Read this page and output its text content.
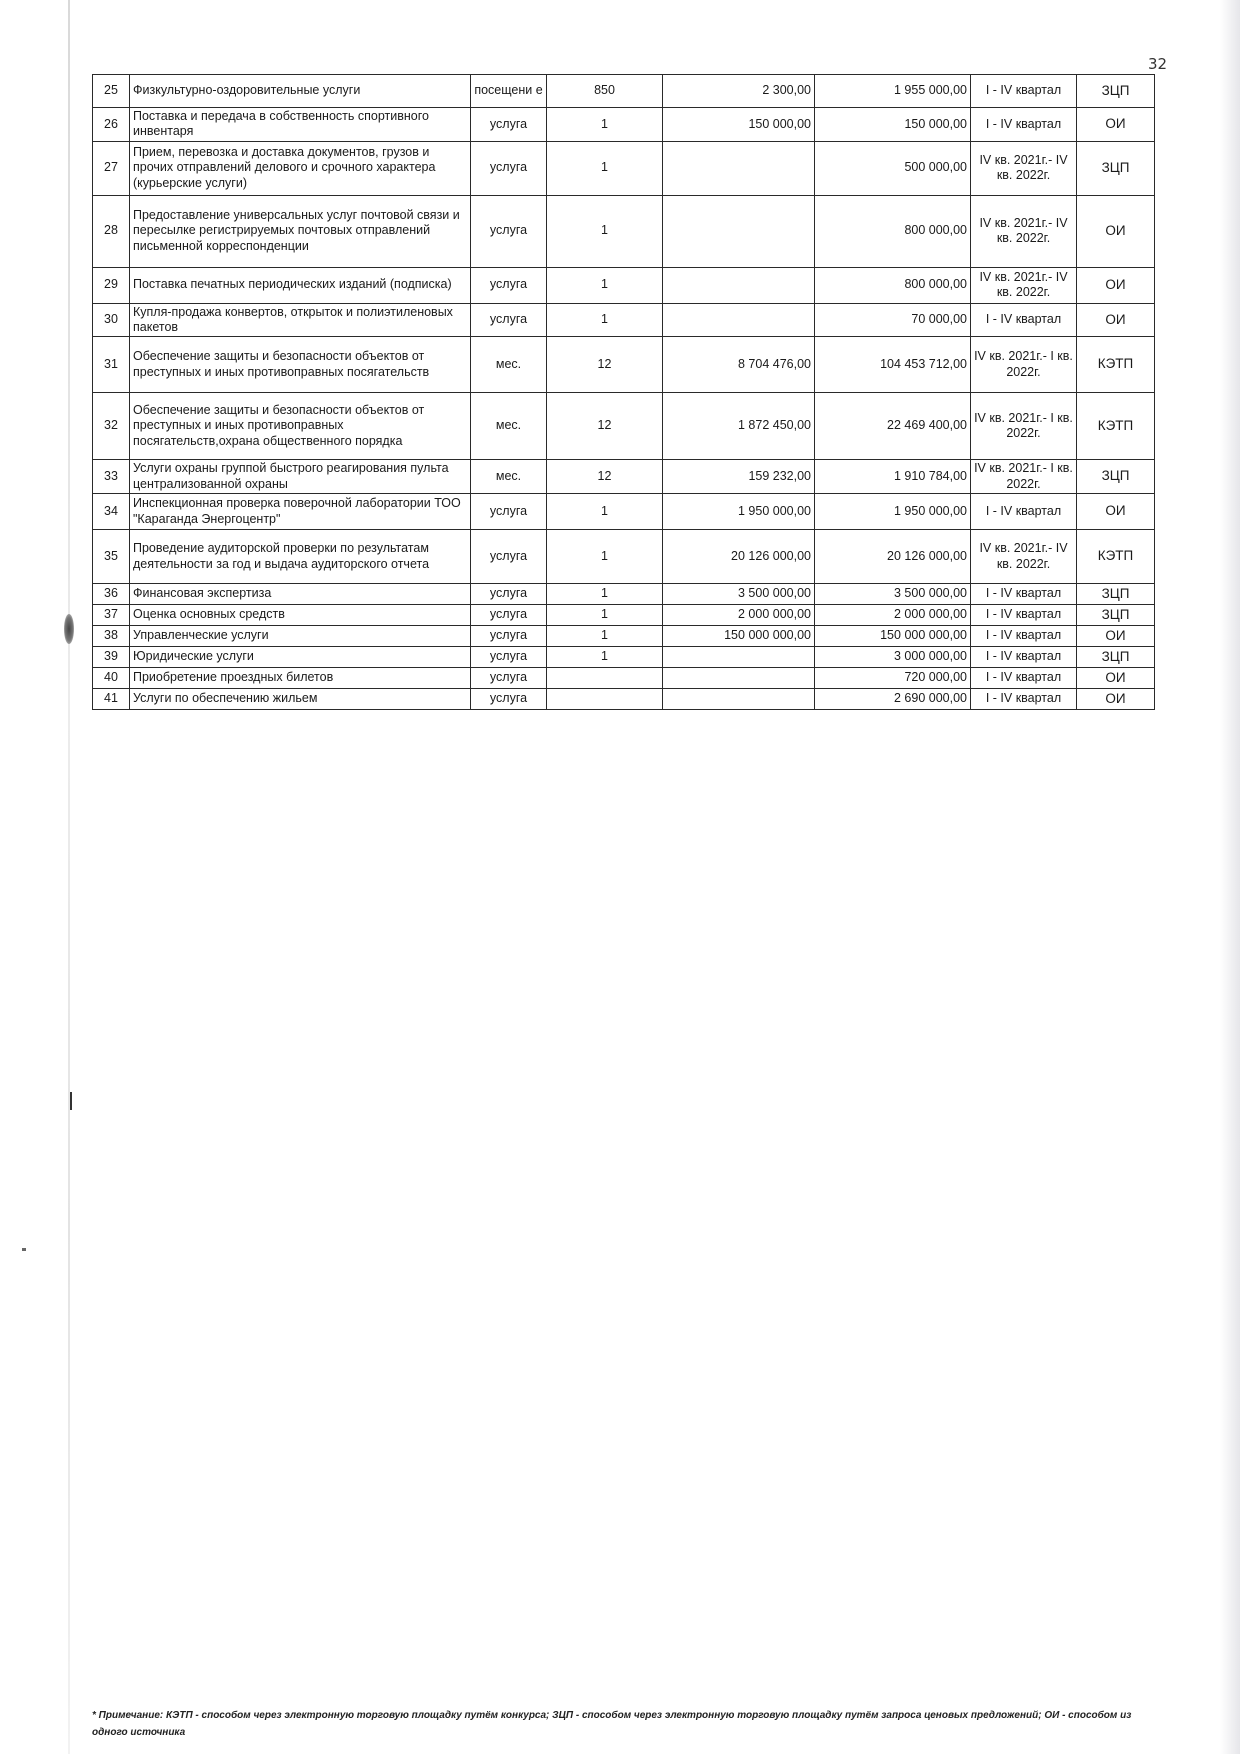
32
25	Физкультурно-оздоровительные услуги	посещени е	850	2 300,00	1 955 000,00	I - IV квартал	ЗЦП
26	Поставка и передача в собственность спортивного инвентаря	услуга	1	150 000,00	150 000,00	I - IV квартал	ОИ
27	Прием, перевозка и доставка документов, грузов и прочих отправлений делового и срочного характера (курьерские услуги)	услуга	1		500 000,00	IV кв. 2021г.- IV кв. 2022г.	ЗЦП
28	Предоставление универсальных услуг почтовой связи и пересылке регистрируемых почтовых отправлений письменной корреспонденции	услуга	1		800 000,00	IV кв. 2021г.- IV кв. 2022г.	ОИ
29	Поставка печатных периодических изданий (подписка)	услуга	1		800 000,00	IV кв. 2021г.- IV кв. 2022г.	ОИ
30	Купля-продажа конвертов, открыток и полиэтиленовых пакетов	услуга	1		70 000,00	I - IV квартал	ОИ
31	Обеспечение защиты и безопасности объектов от преступных и иных противоправных посягательств	мес.	12	8 704 476,00	104 453 712,00	IV кв. 2021г.- I кв. 2022г.	КЭТП
32	Обеспечение защиты и безопасности объектов от преступных и иных противоправных посягательств,охрана общественного порядка	мес.	12	1 872 450,00	22 469 400,00	IV кв. 2021г.- I кв. 2022г.	КЭТП
33	Услуги охраны группой быстрого реагирования пульта централизованной охраны	мес.	12	159 232,00	1 910 784,00	IV кв. 2021г.- I кв. 2022г.	ЗЦП
34	Инспекционная проверка поверочной лаборатории ТОО "Караганда Энергоцентр"	услуга	1	1 950 000,00	1 950 000,00	I - IV квартал	ОИ
35	Проведение аудиторской проверки по результатам деятельности за год и выдача аудиторского отчета	услуга	1	20 126 000,00	20 126 000,00	IV кв. 2021г.- IV кв. 2022г.	КЭТП
36	Финансовая экспертиза	услуга	1	3 500 000,00	3 500 000,00	I - IV квартал	ЗЦП
37	Оценка основных средств	услуга	1	2 000 000,00	2 000 000,00	I - IV квартал	ЗЦП
38	Управленческие услуги	услуга	1	150 000 000,00	150 000 000,00	I - IV квартал	ОИ
39	Юридические услуги	услуга	1		3 000 000,00	I - IV квартал	ЗЦП
40	Приобретение проездных билетов	услуга			720 000,00	I - IV квартал	ОИ
41	Услуги по обеспечению жильем	услуга			2 690 000,00	I - IV квартал	ОИ
* Примечание: КЭТП - способом через электронную торговую площадку путём конкурса; ЗЦП - способом через электронную торговую площадку путём запроса ценовых предложений; ОИ - способом из одного источника
